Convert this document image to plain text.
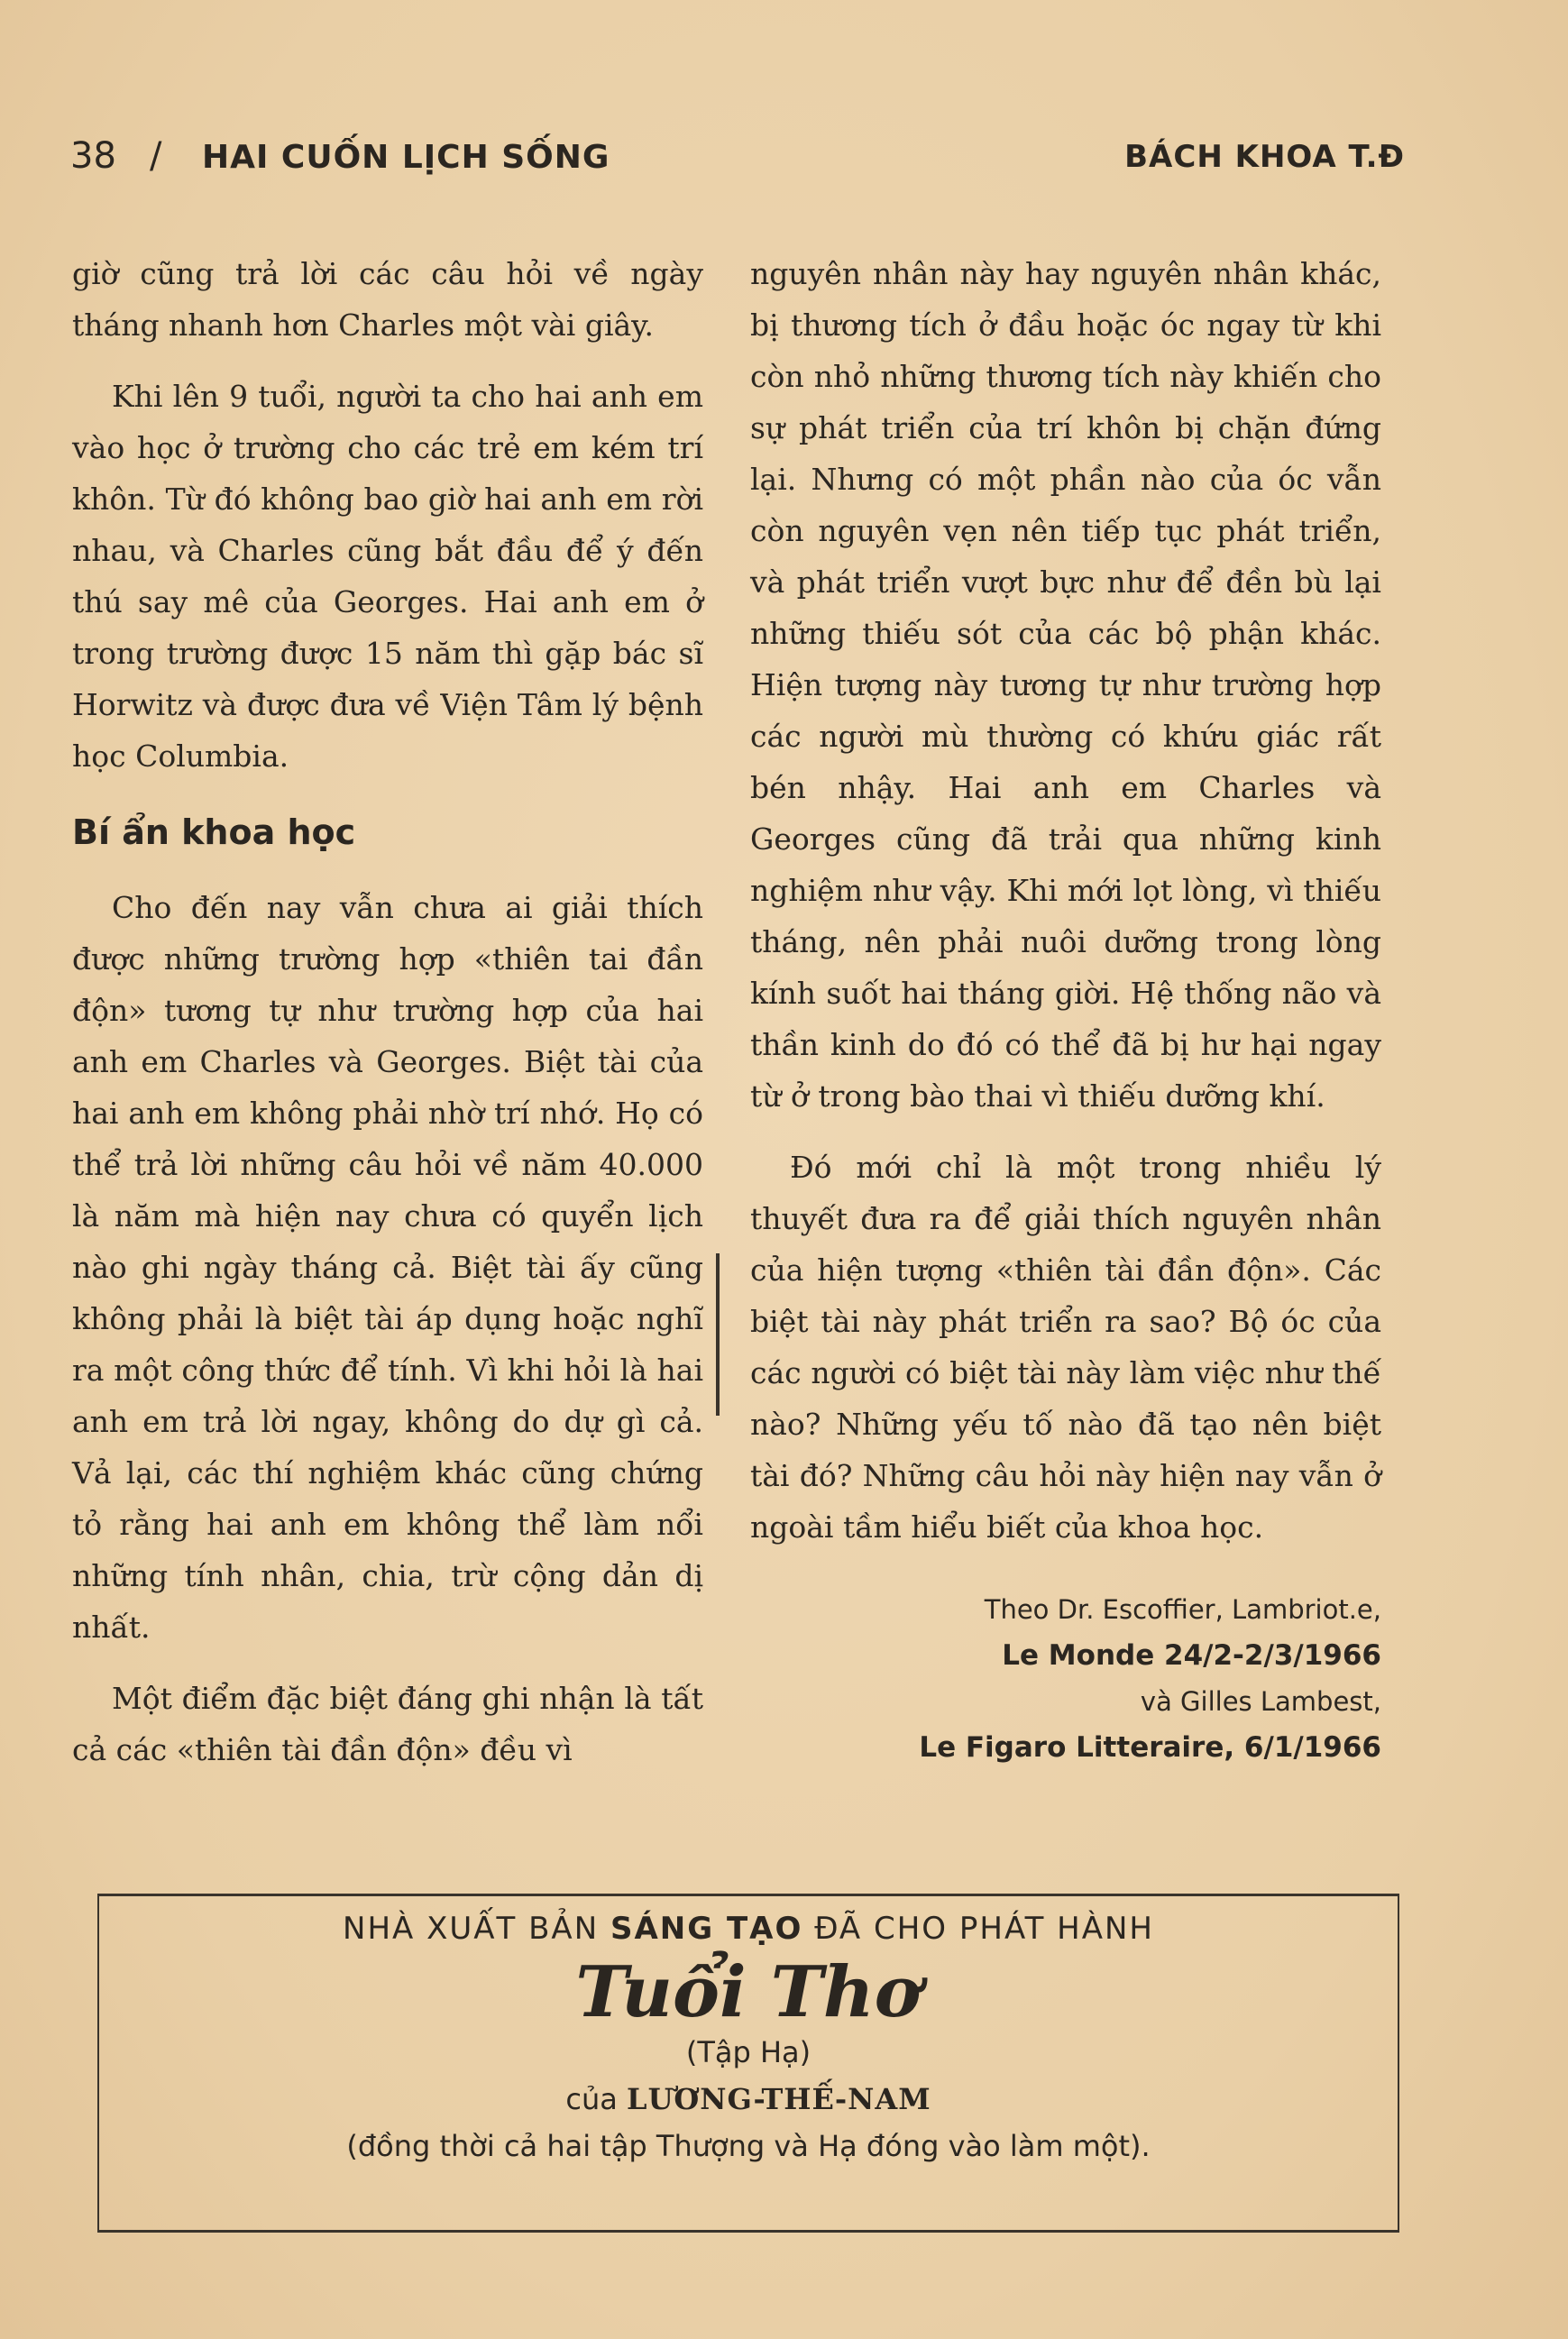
38 / HAI CUỐN LỊCH SỐNG	BÁCH KHOA T.Đ

giờ cũng trả lời các câu hỏi về ngày tháng nhanh hơn Charles một vài giây.

Khi lên 9 tuổi, người ta cho hai anh em vào học ở trường cho các trẻ em kém trí khôn. Từ đó không bao giờ hai anh em rời nhau, và Charles cũng bắt đầu để ý đến thú say mê của Georges. Hai anh em ở trong trường được 15 năm thì gặp bác sĩ Horwitz và được đưa về Viện Tâm lý bệnh học Columbia.

Bí ẩn khoa học

Cho đến nay vẫn chưa ai giải thích được những trường hợp «thiên tai đần độn» tương tự như trường hợp của hai anh em Charles và Georges. Biệt tài của hai anh em không phải nhờ trí nhớ. Họ có thể trả lời những câu hỏi về năm 40.000 là năm mà hiện nay chưa có quyển lịch nào ghi ngày tháng cả. Biệt tài ấy cũng không phải là biệt tài áp dụng hoặc nghĩ ra một công thức để tính. Vì khi hỏi là hai anh em trả lời ngay, không do dự gì cả. Vả lại, các thí nghiệm khác cũng chứng tỏ rằng hai anh em không thể làm nổi những tính nhân, chia, trừ cộng dản dị nhất.

Một điểm đặc biệt đáng ghi nhận là tất cả các «thiên tài đần độn» đều vì

nguyên nhân này hay nguyên nhân khác, bị thương tích ở đầu hoặc óc ngay từ khi còn nhỏ những thương tích này khiến cho sự phát triển của trí khôn bị chặn đứng lại. Nhưng có một phần nào của óc vẫn còn nguyên vẹn nên tiếp tục phát triển, và phát triển vượt bực như để đền bù lại những thiếu sót của các bộ phận khác. Hiện tượng này tương tự như trường hợp các người mù thường có khứu giác rất bén nhậy. Hai anh em Charles và Georges cũng đã trải qua những kinh nghiệm như vậy. Khi mới lọt lòng, vì thiếu tháng, nên phải nuôi dưỡng trong lòng kính suốt hai tháng giời. Hệ thống não và thần kinh do đó có thể đã bị hư hại ngay từ ở trong bào thai vì thiếu dưỡng khí.

Đó mới chỉ là một trong nhiều lý thuyết đưa ra để giải thích nguyên nhân của hiện tượng «thiên tài đần độn». Các biệt tài này phát triển ra sao? Bộ óc của các người có biệt tài này làm việc như thế nào? Những yếu tố nào đã tạo nên biệt tài đó? Những câu hỏi này hiện nay vẫn ở ngoài tầm hiểu biết của khoa học.

Theo Dr. Escoffier, Lambriot.e,
Le Monde 24/2-2/3/1966
và Gilles Lambest,
Le Figaro Litteraire, 6/1/1966
NHÀ XUẤT BẢN SÁNG TẠO ĐÃ CHO PHÁT HÀNH
Tuổi Thơ
(Tập Hạ)
của LƯƠNG-THẾ-NAM
(đồng thời cả hai tập Thượng và Hạ đóng vào làm một).
